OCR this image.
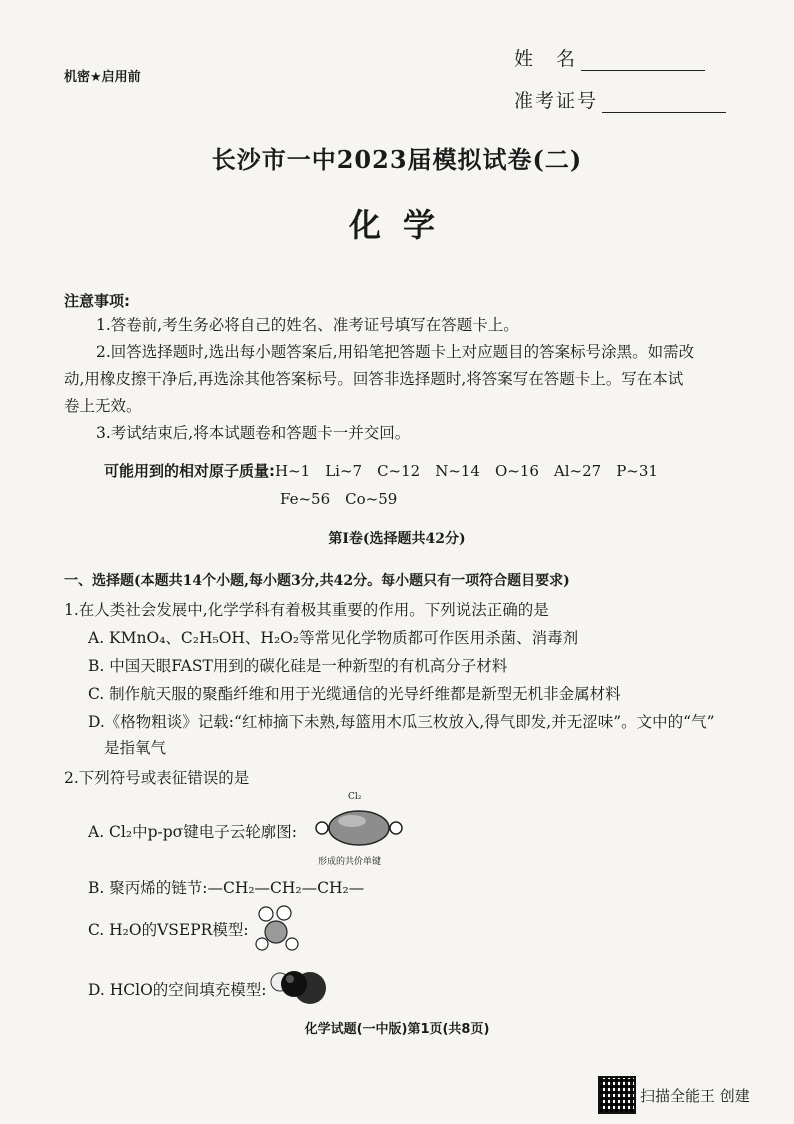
机密★启用前
姓　名
准考证号
长沙市一中2023届模拟试卷(二)
化学
注意事项:
1.答卷前,考生务必将自己的姓名、准考证号填写在答题卡上。
2.回答选择题时,选出每小题答案后,用铅笔把答题卡上对应题目的答案标号涂黑。如需改
动,用橡皮擦干净后,再选涂其他答案标号。回答非选择题时,将答案写在答题卡上。写在本试
卷上无效。
3.考试结束后,将本试题卷和答题卡一并交回。
可能用到的相对原子质量:H~1　Li~7　C~12　N~14　O~16　Al~27　P~31
Fe~56　Co~59
第Ⅰ卷(选择题共42分)
一、选择题(本题共14个小题,每小题3分,共42分。每小题只有一项符合题目要求)
1.在人类社会发展中,化学学科有着极其重要的作用。下列说法正确的是
A. KMnO₄、C₂H₅OH、H₂O₂等常见化学物质都可作医用杀菌、消毒剂
B. 中国天眼FAST用到的碳化硅是一种新型的有机高分子材料
C. 制作航天服的聚酯纤维和用于光缆通信的光导纤维都是新型无机非金属材料
D.《格物粗谈》记载:“红柿摘下未熟,每篮用木瓜三枚放入,得气即发,并无涩味”。文中的“气”
是指氧气
2.下列符号或表征错误的是
A. Cl₂中p-pσ键电子云轮廓图:
Cl₂
形成的共价单键
B. 聚丙烯的链节:—CH₂—CH₂—CH₂—
C. H₂O的VSEPR模型:
D. HClO的空间填充模型:
化学试题(一中版)第1页(共8页)
扫描全能王 创建
